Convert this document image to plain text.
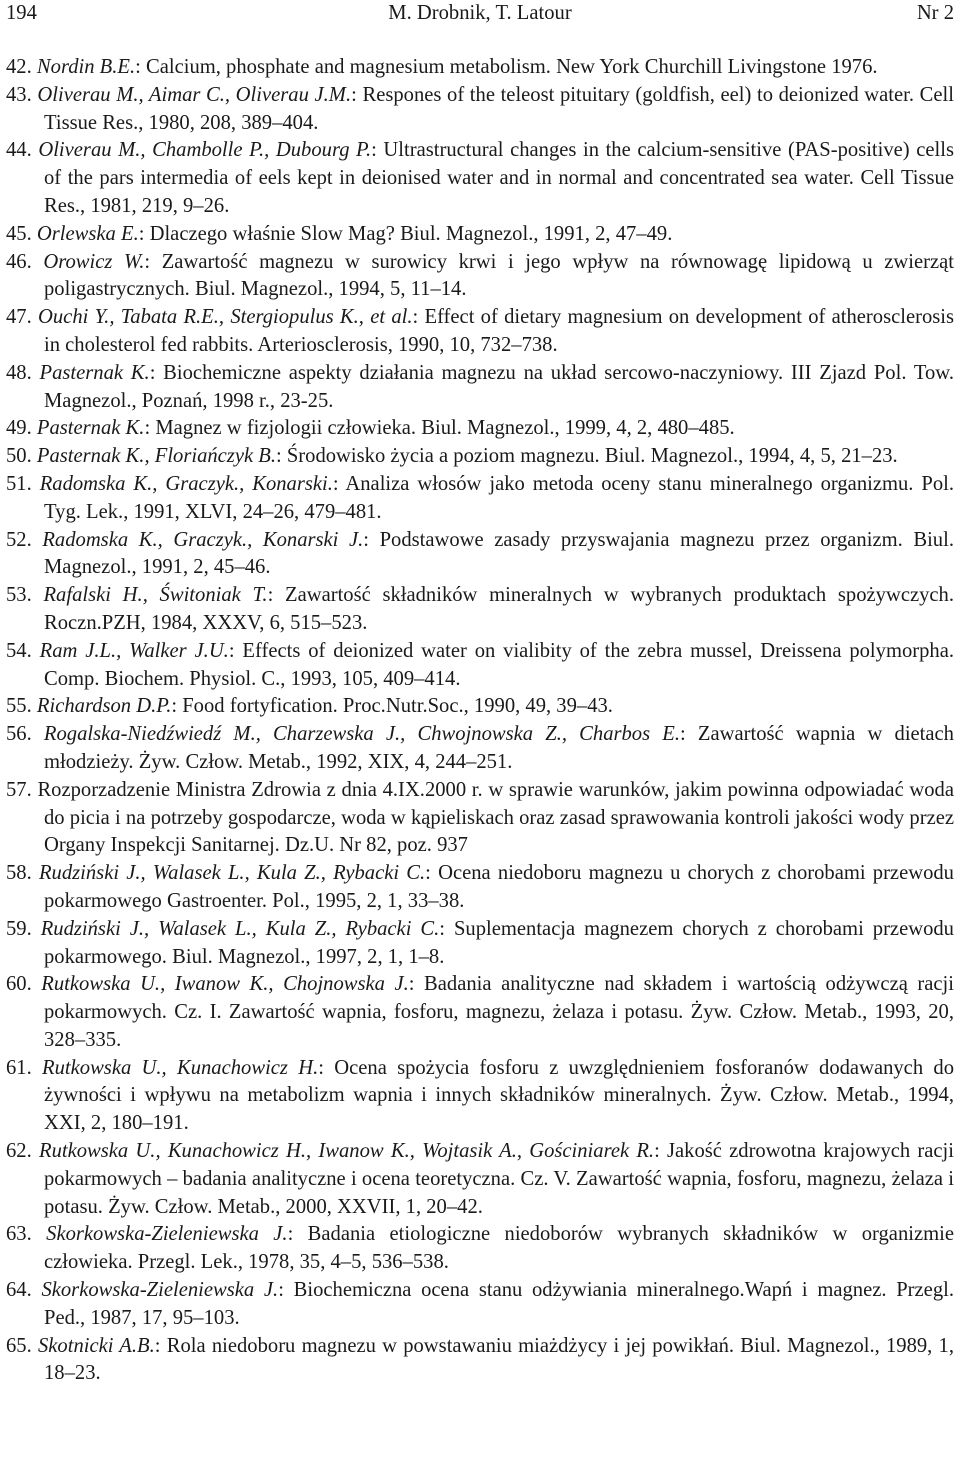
194	M. Drobnik, T. Latour	Nr 2

42. Nordin B.E.: Calcium, phosphate and magnesium metabolism. New York Churchill Livingstone 1976.

43. Oliverau M., Aimar C., Oliverau J.M.: Respones of the teleost pituitary (goldfish, eel) to deionized water. Cell Tissue Res., 1980, 208, 389–404.

44. Oliverau M., Chambolle P., Dubourg P.: Ultrastructural changes in the calcium-sensitive (PAS-positive) cells of the pars intermedia of eels kept in deionised water and in normal and concentrated sea water. Cell Tissue Res., 1981, 219, 9–26.

45. Orlewska E.: Dlaczego właśnie Slow Mag? Biul. Magnezol., 1991, 2, 47–49.

46. Orowicz W.: Zawartość magnezu w surowicy krwi i jego wpływ na równowagę lipidową u zwierząt poligastrycznych. Biul. Magnezol., 1994, 5, 11–14.

47. Ouchi Y., Tabata R.E., Stergiopulus K., et al.: Effect of dietary magnesium on development of atherosclerosis in cholesterol fed rabbits. Arteriosclerosis, 1990, 10, 732–738.

48. Pasternak K.: Biochemiczne aspekty działania magnezu na układ sercowo-naczyniowy. III Zjazd Pol. Tow. Magnezol., Poznań, 1998 r., 23-25.

49. Pasternak K.: Magnez w fizjologii człowieka. Biul. Magnezol., 1999, 4, 2, 480–485.

50. Pasternak K., Floriańczyk B.: Środowisko życia a poziom magnezu. Biul. Magnezol., 1994, 4, 5, 21–23.

51. Radomska K., Graczyk., Konarski.: Analiza włosów jako metoda oceny stanu mineralnego organizmu. Pol. Tyg. Lek., 1991, XLVI, 24–26, 479–481.

52. Radomska K., Graczyk., Konarski J.: Podstawowe zasady przyswajania magnezu przez organizm. Biul. Magnezol., 1991, 2, 45–46.

53. Rafalski H., Świtoniak T.: Zawartość składników mineralnych w wybranych produktach spożywczych. Roczn.PZH, 1984, XXXV, 6, 515–523.

54. Ram J.L., Walker J.U.: Effects of deionized water on vialibity of the zebra mussel, Dreissena polymorpha. Comp. Biochem. Physiol. C., 1993, 105, 409–414.

55. Richardson D.P.: Food fortyfication. Proc.Nutr.Soc., 1990, 49, 39–43.

56. Rogalska-Niedźwiedź M., Charzewska J., Chwojnowska Z., Charbos E.: Zawartość wapnia w dietach młodzieży. Żyw. Człow. Metab., 1992, XIX, 4, 244–251.

57. Rozporzadzenie Ministra Zdrowia z dnia 4.IX.2000 r. w sprawie warunków, jakim powinna odpowiadać woda do picia i na potrzeby gospodarcze, woda w kąpieliskach oraz zasad sprawowania kontroli jakości wody przez Organy Inspekcji Sanitarnej. Dz.U. Nr 82, poz. 937

58. Rudziński J., Walasek L., Kula Z., Rybacki C.: Ocena niedoboru magnezu u chorych z chorobami przewodu pokarmowego Gastroenter. Pol., 1995, 2, 1, 33–38.

59. Rudziński J., Walasek L., Kula Z., Rybacki C.: Suplementacja magnezem chorych z chorobami przewodu pokarmowego. Biul. Magnezol., 1997, 2, 1, 1–8.

60. Rutkowska U., Iwanow K., Chojnowska J.: Badania analityczne nad składem i wartością odżywczą racji pokarmowych. Cz. I. Zawartość wapnia, fosforu, magnezu, żelaza i potasu. Żyw. Człow. Metab., 1993, 20, 328–335.

61. Rutkowska U., Kunachowicz H.: Ocena spożycia fosforu z uwzględnieniem fosforanów dodawanych do żywności i wpływu na metabolizm wapnia i innych składników mineralnych. Żyw. Człow. Metab., 1994, XXI, 2, 180–191.

62. Rutkowska U., Kunachowicz H., Iwanow K., Wojtasik A., Gościniarek R.: Jakość zdrowotna krajowych racji pokarmowych – badania analityczne i ocena teoretyczna. Cz. V. Zawartość wapnia, fosforu, magnezu, żelaza i potasu. Żyw. Człow. Metab., 2000, XXVII, 1, 20–42.

63. Skorkowska-Zieleniewska J.: Badania etiologiczne niedoborów wybranych składników w organizmie człowieka. Przegl. Lek., 1978, 35, 4–5, 536–538.

64. Skorkowska-Zieleniewska J.: Biochemiczna ocena stanu odżywiania mineralnego.Wapń i magnez. Przegl. Ped., 1987, 17, 95–103.

65. Skotnicki A.B.: Rola niedoboru magnezu w powstawaniu miażdżycy i jej powikłań. Biul. Magnezol., 1989, 1, 18–23.
